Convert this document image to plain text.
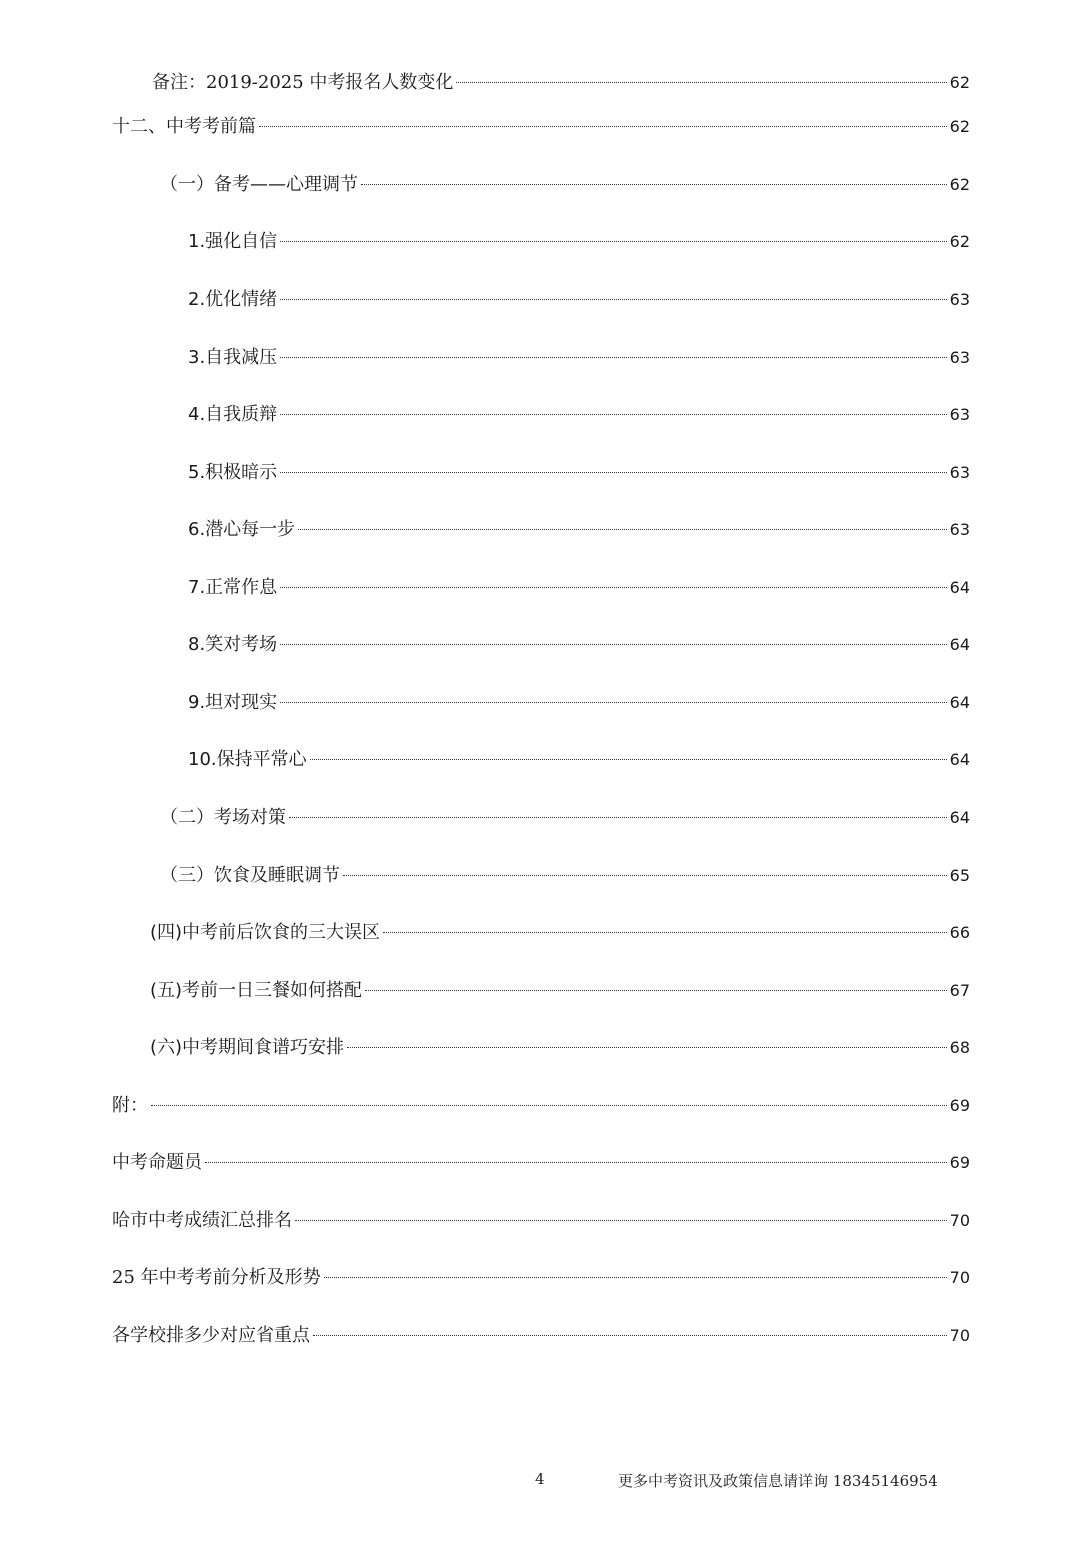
备注：2019-2025 中考报名人数变化	62
十二、中考考前篇	62
（一）备考——心理调节	62
1.强化自信	62
2.优化情绪	63
3.自我减压	63
4.自我质辩	63
5.积极暗示	63
6.潜心每一步	63
7.正常作息	64
8.笑对考场	64
9.坦对现实	64
10.保持平常心	64
（二）考场对策	64
（三）饮食及睡眠调节	65
(四)中考前后饮食的三大误区	66
(五)考前一日三餐如何搭配	67
(六)中考期间食谱巧安排	68
附：	69
中考命题员	69
哈市中考成绩汇总排名	70
25 年中考考前分析及形势	70
各学校排多少对应省重点	70
4	更多中考资讯及政策信息请详询 18345146954
